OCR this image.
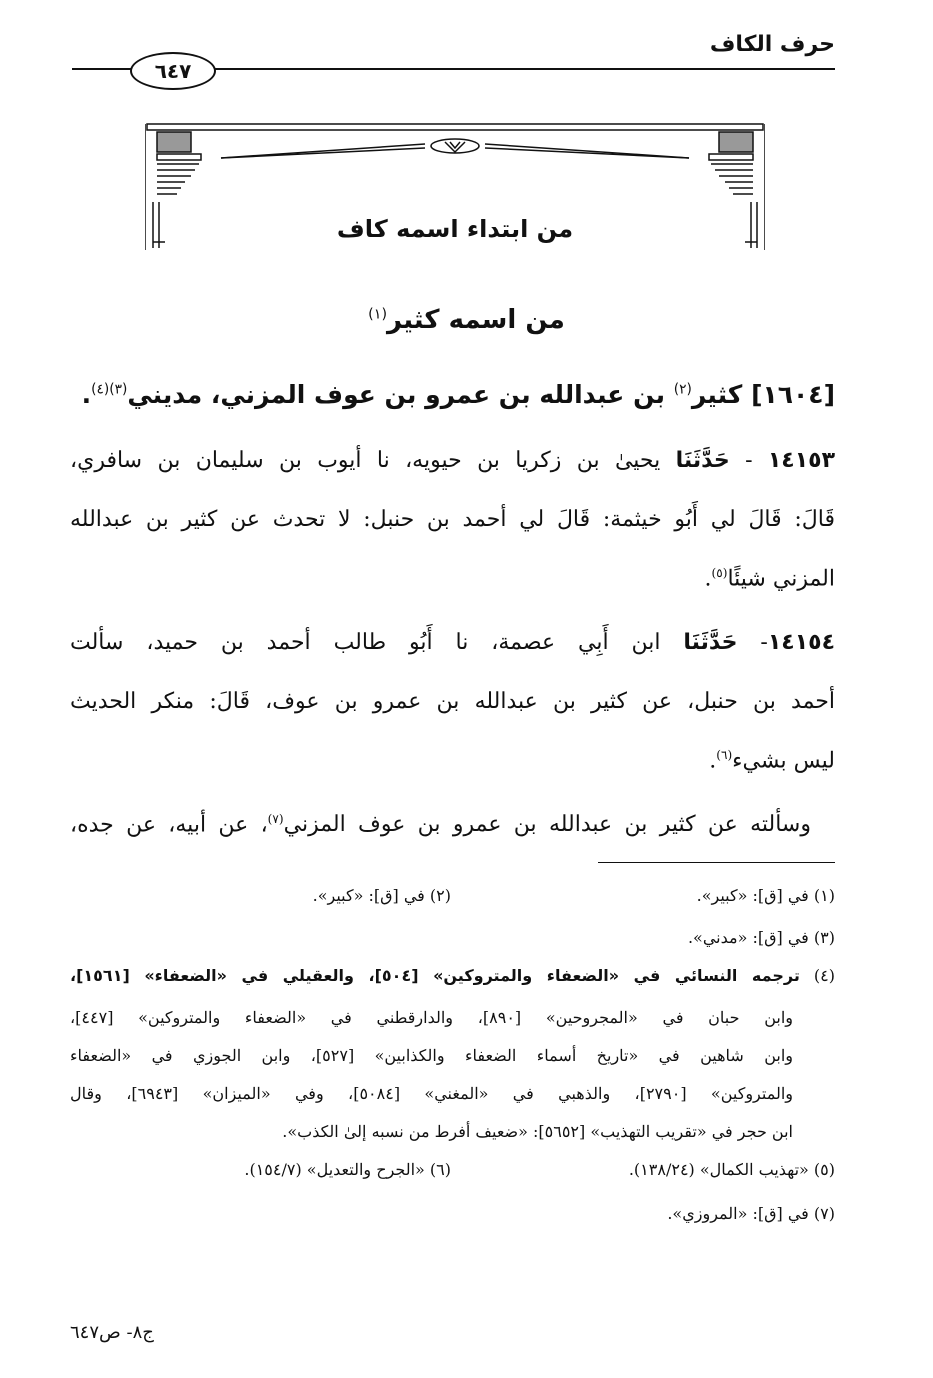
حرف الكاف
٦٤٧
من ابتداء اسمه كاف
من اسمه كثير$^{(١)}$
[١٦٠٤] كثير$^{(٢)}$ بن عبدالله بن عمرو بن عوف المزني، مديني$^{(٣)(٤)}$.
١٤١٥٣ - حَدَّثَنَا يحيىٰ بن زكريا بن حيويه، نا أيوب بن سليمان بن سافري،
قَالَ: قَالَ لي أَبُو خيثمة: قَالَ لي أحمد بن حنبل: لا تحدث عن كثير بن عبدالله
المزني شيئًا$^{(٥)}$.
١٤١٥٤- حَدَّثَنَا ابن أَبِي عصمة، نا أَبُو طالب أحمد بن حميد، سألت
أحمد بن حنبل، عن كثير بن عبدالله بن عمرو بن عوف، قَالَ: منكر الحديث
ليس بشيء$^{(٦)}$.
وسألته عن كثير بن عبدالله بن عمرو بن عوف المزني$^{(٧)}$، عن أبيه، عن جده،
(١) في [ق]: «كبير».
(٢) في [ق]: «كبير».
(٣) في [ق]: «مدني».
(٤) ترجمه النسائي في «الضعفاء والمتروكين» [٥٠٤]، والعقيلي في «الضعفاء» [١٥٦١]،
وابن حبان في «المجروحين» [٨٩٠]، والدارقطني في «الضعفاء والمتروكين» [٤٤٧]،
وابن شاهين في «تاريخ أسماء الضعفاء والكذابين» [٥٢٧]، وابن الجوزي في «الضعفاء
والمتروكين» [٢٧٩٠]، والذهبي في «المغني» [٥٠٨٤]، وفي «الميزان» [٦٩٤٣]، وقال
ابن حجر في «تقريب التهذيب» [٥٦٥٢]: «ضعيف أفرط من نسبه إلىٰ الكذب».
(٥) «تهذيب الكمال» (١٣٨/٢٤).
(٦) «الجرح والتعديل» (١٥٤/٧).
(٧) في [ق]: «المروزي».
ج٨- ص٦٤٧
